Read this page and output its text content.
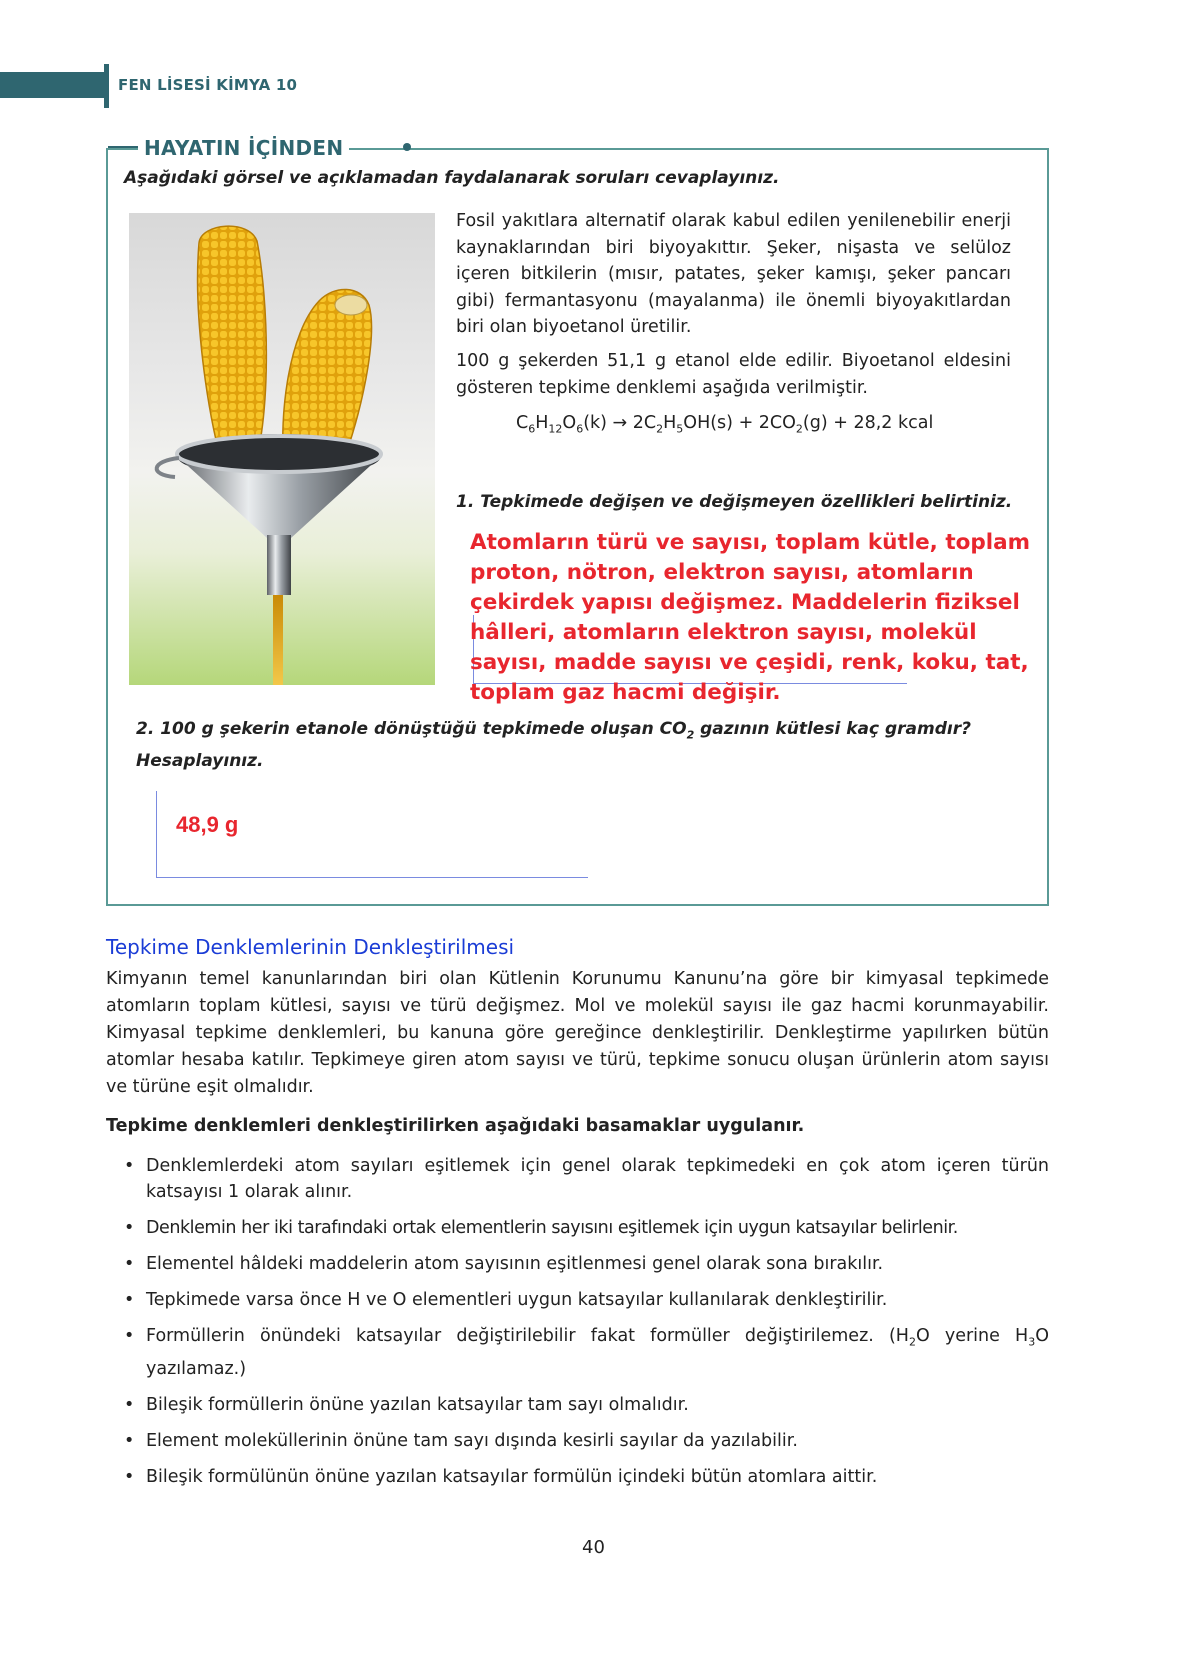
FEN LİSESİ KİMYA 10
HAYATIN İÇİNDEN
Aşağıdaki görsel ve açıklamadan faydalanarak soruları cevaplayınız.
Fosil yakıtlara alternatif olarak kabul edilen yenilenebilir enerji kaynaklarından biri biyoyakıttır. Şeker, nişasta ve selüloz içeren bitkilerin (mısır, patates, şeker kamışı, şeker pancarı gibi) fermantasyonu (mayalanma) ile önemli biyoyakıtlardan biri olan biyoetanol üretilir.
100 g şekerden 51,1 g etanol elde edilir. Biyoetanol eldesini gösteren tepkime denklemi aşağıda verilmiştir.
$C_6H_{12}O_6(k) \to 2C_2H_5OH(s) + 2CO_2(g) + 28,2$ kcal
1. Tepkimede değişen ve değişmeyen özellikleri belirtiniz.
Atomların türü ve sayısı, toplam kütle, toplam proton, nötron, elektron sayısı, atomların çekirdek yapısı değişmez. Maddelerin fiziksel hâlleri, atomların elektron sayısı, molekül sayısı, madde sayısı ve çeşidi, renk, koku, tat, toplam gaz hacmi değişir.
2. 100 g şekerin etanole dönüştüğü tepkimede oluşan $CO_2$ gazının kütlesi kaç gramdır? Hesaplayınız.
48,9 g
Tepkime Denklemlerinin Denkleştirilmesi
Kimyanın temel kanunlarından biri olan Kütlenin Korunumu Kanunu’na göre bir kimyasal tepkimede atomların toplam kütlesi, sayısı ve türü değişmez. Mol ve molekül sayısı ile gaz hacmi korunmayabilir. Kimyasal tepkime denklemleri, bu kanuna göre gereğince denkleştirilir. Denkleştirme yapılırken bütün atomlar hesaba katılır. Tepkimeye giren atom sayısı ve türü, tepkime sonucu oluşan ürünlerin atom sayısı ve türüne eşit olmalıdır.
Tepkime denklemleri denkleştirilirken aşağıdaki basamaklar uygulanır.
• Denklemlerdeki atom sayıları eşitlemek için genel olarak tepkimedeki en çok atom içeren türün katsayısı 1 olarak alınır.
• Denklemin her iki tarafındaki ortak elementlerin sayısını eşitlemek için uygun katsayılar belirlenir.
• Elementel hâldeki maddelerin atom sayısının eşitlenmesi genel olarak sona bırakılır.
• Tepkimede varsa önce H ve O elementleri uygun katsayılar kullanılarak denkleştirilir.
• Formüllerin önündeki katsayılar değiştirilebilir fakat formüller değiştirilemez. ($H_2O$ yerine $H_3O$ yazılamaz.)
• Bileşik formüllerin önüne yazılan katsayılar tam sayı olmalıdır.
• Element moleküllerinin önüne tam sayı dışında kesirli sayılar da yazılabilir.
• Bileşik formülünün önüne yazılan katsayılar formülün içindeki bütün atomlara aittir.
40
